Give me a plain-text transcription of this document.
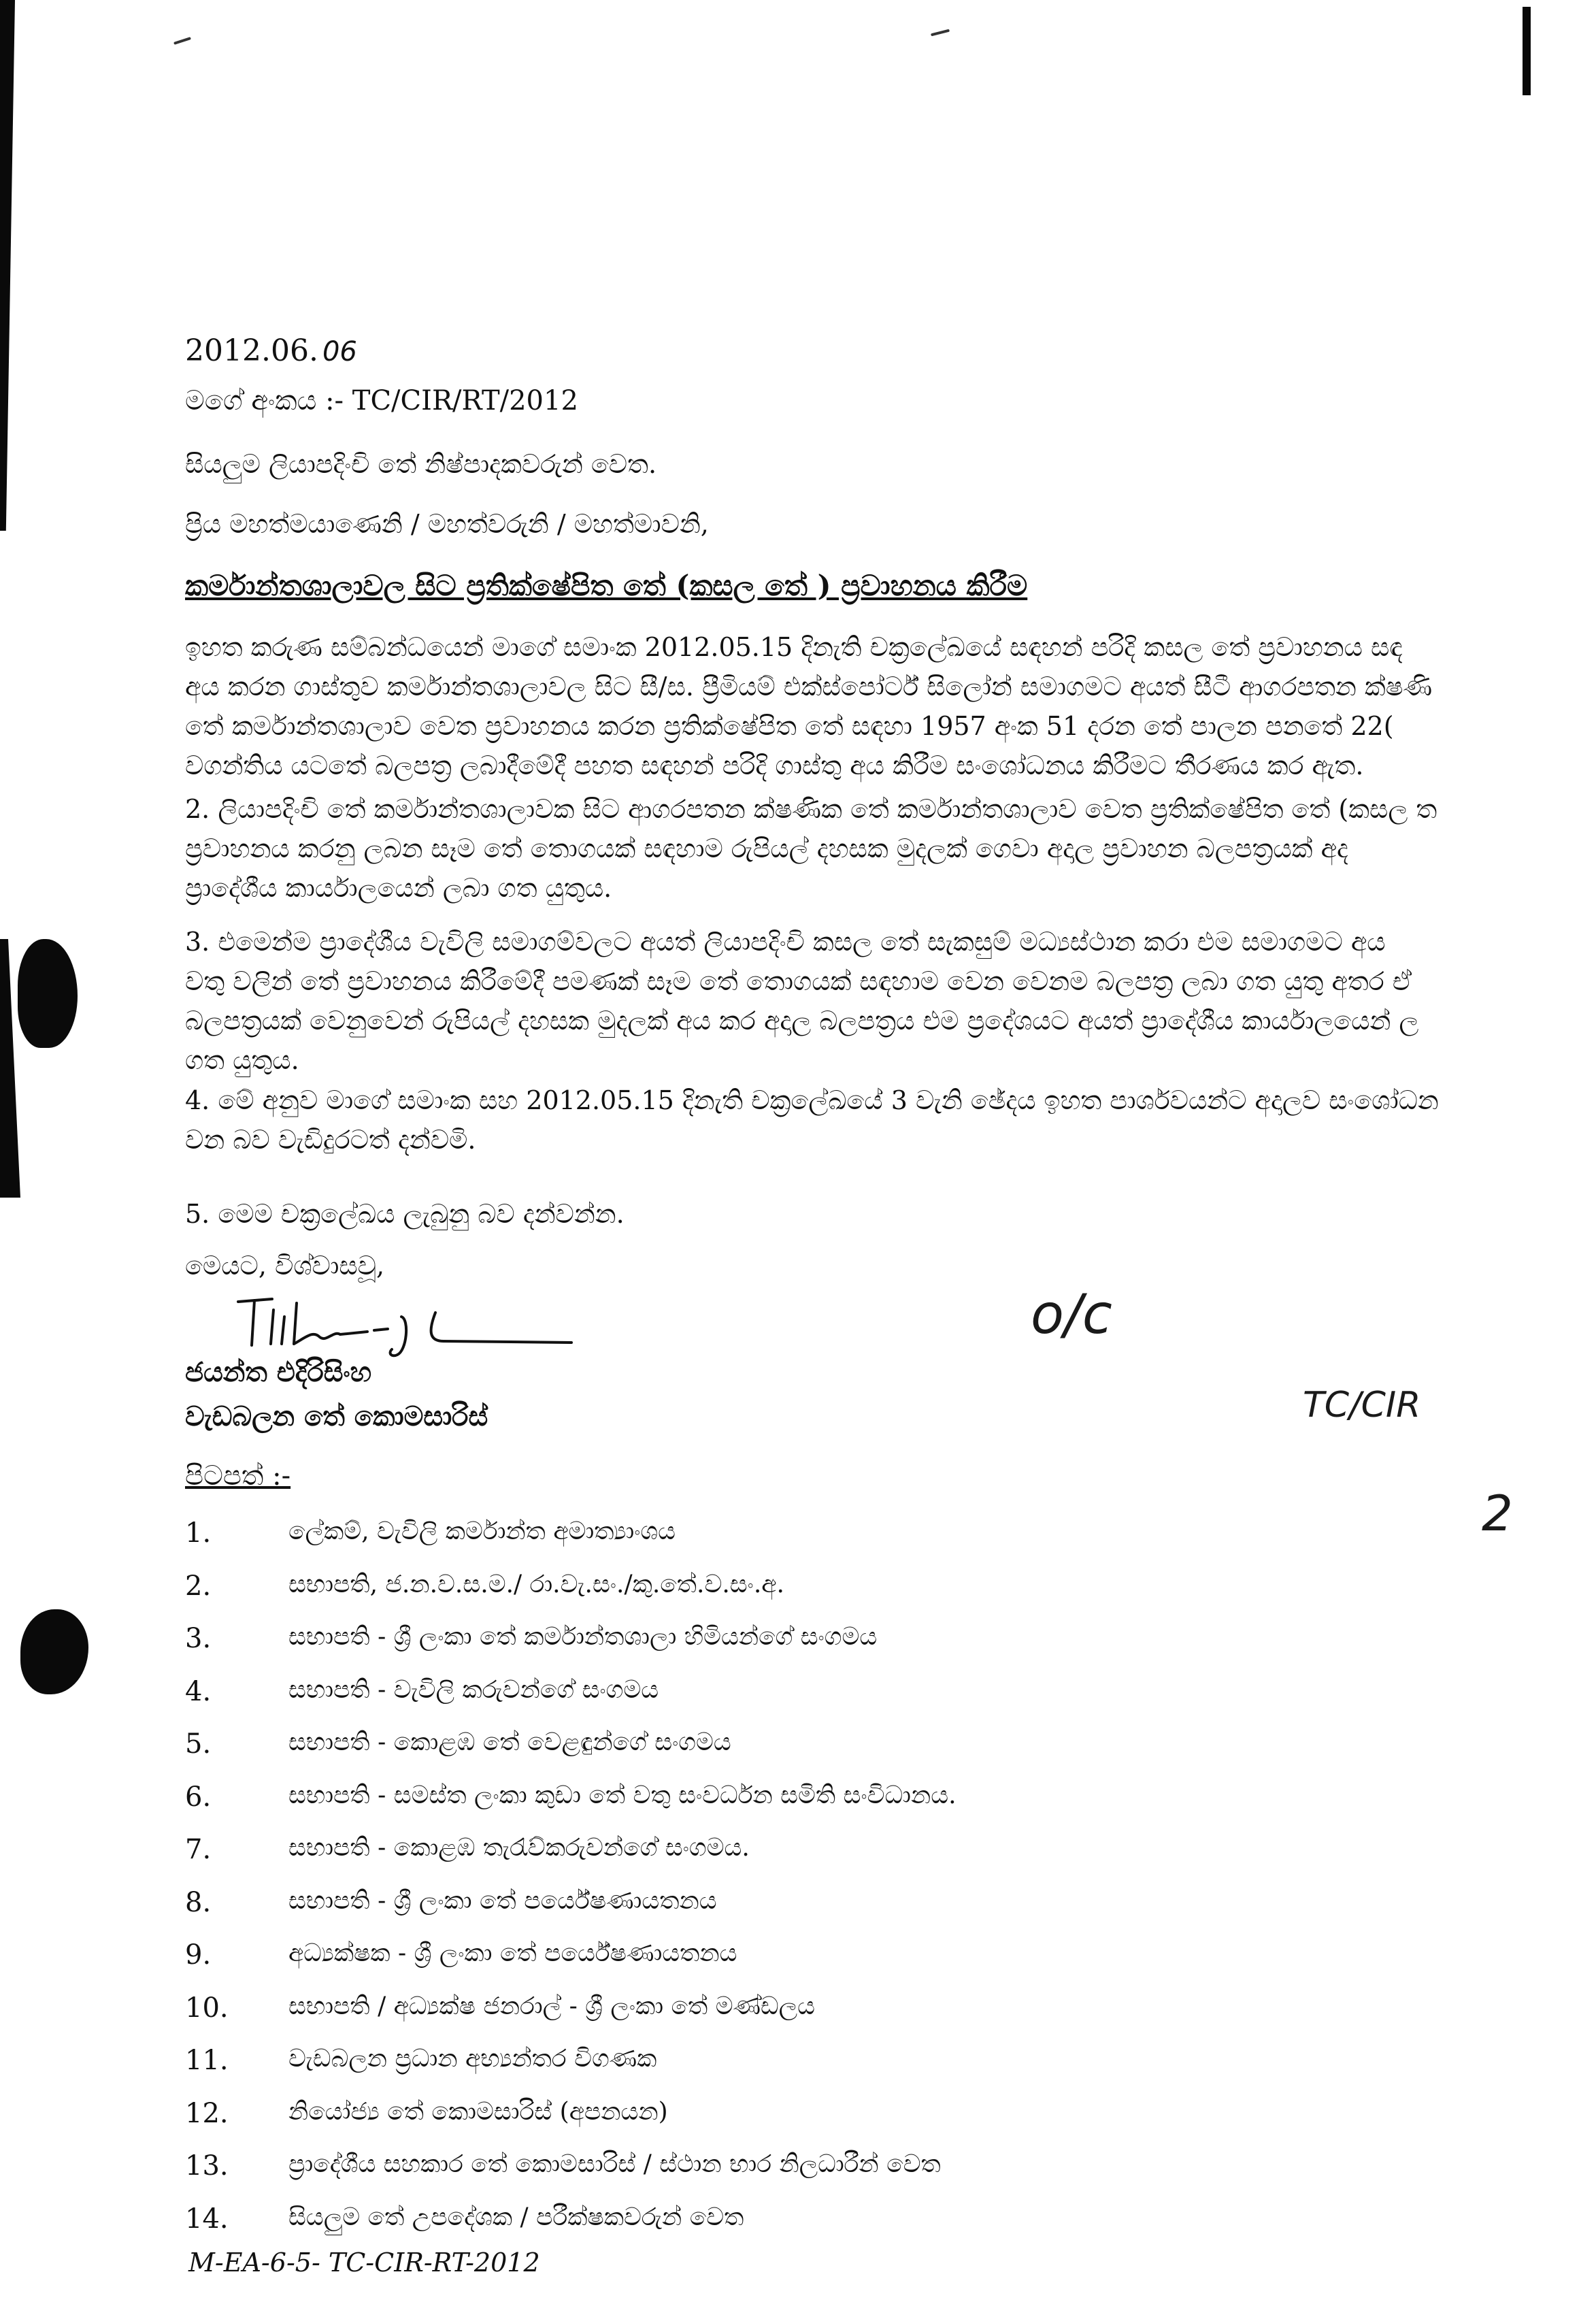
2012.06. 06
මගේ අංකය :- TC/CIR/RT/2012
සියලුම ලියාපදිංචි තේ නිෂ්පාදකවරුන් වෙත.
ප්‍රිය මහත්මයාණෙනි / මහත්වරුනි / මහත්මාවනි,
කර්මාන්තශාලාවල සිට ප්‍රතික්ෂේපිත තේ (කසල තේ ) ප්‍රවාහනය කිරීම
ඉහත කරුණ සම්බන්ධයෙන් මාගේ සමාංක 2012.05.15 දිනැති චක්‍රලේඛයේ සඳහන් පරිදි කසල තේ ප්‍රවාහනය සඳ
අය කරන ගාස්තුව කර්මාන්තශාලාවල සිට සී/ස. ප්‍රීමියම් එක්ස්පෝර්ට් සිලෝන් සමාගමට අයත් සීටී ආගරපතන ක්ෂණි
තේ කර්මාන්තශාලාව වෙත ප්‍රවාහනය කරන ප්‍රතික්ෂේපිත තේ සඳහා 1957 අංක 51 දරන තේ පාලන පනතේ 22(
වගන්තිය යටතේ බලපත්‍ර ලබාදීමේදී පහත සඳහන් පරිදි ගාස්තු අය කිරීම සංශෝධනය කිරීමට තීරණය කර ඇත.
2. ලියාපදිංචි තේ කර්මාන්තශාලාවක සිට ආගරපතන ක්ෂණික තේ කර්මාන්තශාලාව වෙත ප්‍රතික්ෂේපිත තේ (කසල ත
ප්‍රවාහනය කරනු ලබන සෑම තේ තොගයක් සඳහාම රුපියල් දහසක මුදලක් ගෙවා අදාල ප්‍රවාහන බලපත්‍රයක් අද
ප්‍රාදේශීය කාර්යාලයෙන් ලබා ගත යුතුය.
3. එමෙන්ම ප්‍රාදේශීය වැවිලි සමාගම්වලට අයත් ලියාපදිංචි කසල තේ සැකසුම් මධ්‍යස්ථාන කරා එම සමාගමට අය
වතු වලින් තේ ප්‍රවාහනය කිරීමේදී පමණක් සෑම තේ තොගයක් සඳහාම වෙන වෙනම බලපත්‍ර ලබා ගත යුතු අතර ඒ
බලපත්‍රයක් වෙනුවෙන් රුපියල් දහසක මුදලක් අය කර අදාල බලපත්‍රය එම ප්‍රදේශයට අයත් ප්‍රාදේශීය කාර්යාලයෙන් ල
ගත යුතුය.
4. මේ අනුව මාගේ සමාංක සහ 2012.05.15 දිනැති චක්‍රලේඛයේ 3 වැනි ඡේදය ඉහත පාර්ශවයන්ට අදාලව සංශෝධන
වන බව වැඩිදුරටත් දන්වමි.
5. මෙම චක්‍රලේඛය ලැබුනු බව දන්වන්න.
මෙයට, විශ්වාසවූ,
ජයන්ත එදිරිසිංහ
වැඩබලන තේ කොමසාරිස්
o/c
TC/CIR
2
පිටපත් :-
1.	ලේකම්, වැවිලි කර්මාන්ත අමාත්‍යාංශය
2.	සභාපති, ජ.න.ව.ස.ම./ රා.වැ.සං./කු.තේ.ව.සං.අ.
3.	සභාපති - ශ්‍රී ලංකා තේ කර්මාන්තශාලා හිමියන්ගේ සංගමය
4.	සභාපති - වැවිලි කරුවන්ගේ සංගමය
5.	සභාපති - කොළඹ තේ වෙළඳුන්ගේ සංගමය
6.	සභාපති - සමස්ත ලංකා කුඩා තේ වතු සංවර්ධන සමිති සංවිධානය.
7.	සභාපති - කොළඹ තැරැව්කරුවන්ගේ සංගමය.
8.	සභාපති - ශ්‍රී ලංකා තේ පර්යේෂණායතනය
9.	අධ්‍යක්ෂක - ශ්‍රී ලංකා තේ පර්යේෂණායතනය
10.	සභාපති / අධ්‍යක්ෂ ජනරාල් - ශ්‍රී ලංකා තේ මණ්ඩලය
11.	වැඩබලන ප්‍රධාන අභ්‍යන්තර විගණක
12.	නියෝජ්‍ය තේ කොමසාරිස් (අපනයන)
13.	ප්‍රාදේශීය සහකාර තේ කොමසාරිස් / ස්ථාන භාර නිලධාරීන් වෙත
14.	සියලුම තේ උපදේශක / පරීක්ෂකවරුන් වෙත
M-EA-6-5- TC-CIR-RT-2012
